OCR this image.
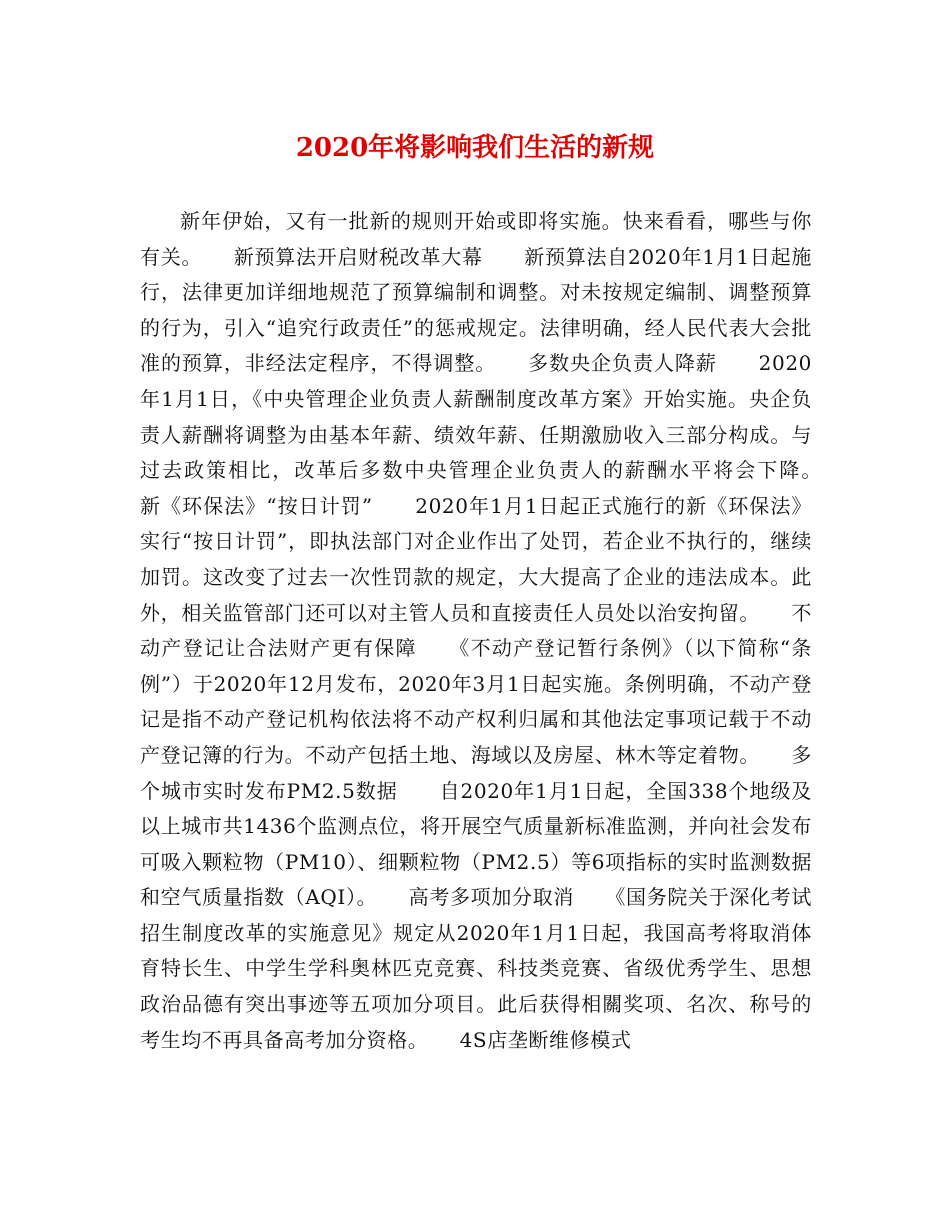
2020年将影响我们生活的新规

新年伊始，又有一批新的规则开始或即将实施。快来看看，哪些与你有关。　　新预算法开启财税改革大幕　　新预算法自2020年1月1日起施行，法律更加详细地规范了预算编制和调整。对未按规定编制、调整预算的行为，引入“追究行政责任”的惩戒规定。法律明确，经人民代表大会批准的预算，非经法定程序，不得调整。　　多数央企负责人降薪　　2020年1月1日，《中央管理企业负责人薪酬制度改革方案》开始实施。央企负责人薪酬将调整为由基本年薪、绩效年薪、任期激励收入三部分构成。与过去政策相比，改革后多数中央管理企业负责人的薪酬水平将会下降。　　新《环保法》“按日计罚”　　2020年1月1日起正式施行的新《环保法》实行“按日计罚”，即执法部门对企业作出了处罚，若企业不执行的，继续加罚。这改变了过去一次性罚款的规定，大大提高了企业的违法成本。此外，相关监管部门还可以对主管人员和直接责任人员处以治安拘留。　　不动产登记让合法财产更有保障　　《不动产登记暂行条例》（以下简称“条例”）于2020年12月发布，2020年3月1日起实施。条例明确，不动产登记是指不动产登记机构依法将不动产权利归属和其他法定事项记载于不动产登记簿的行为。不动产包括土地、海域以及房屋、林木等定着物。　　多个城市实时发布PM2.5数据　　自2020年1月1日起，全国338个地级及以上城市共1436个监测点位，将开展空气质量新标准监测，并向社会发布可吸入颗粒物（PM10）、细颗粒物（PM2.5）等6项指标的实时监测数据和空气质量指数（AQI）。　　高考多项加分取消　　《国务院关于深化考试招生制度改革的实施意见》规定从2020年1月1日起，我国高考将取消体育特长生、中学生学科奥林匹克竞赛、科技类竞赛、省级优秀学生、思想政治品德有突出事迹等五项加分项目。此后获得相關奖项、名次、称号的考生均不再具备高考加分资格。　　4S店垄断维修模式
